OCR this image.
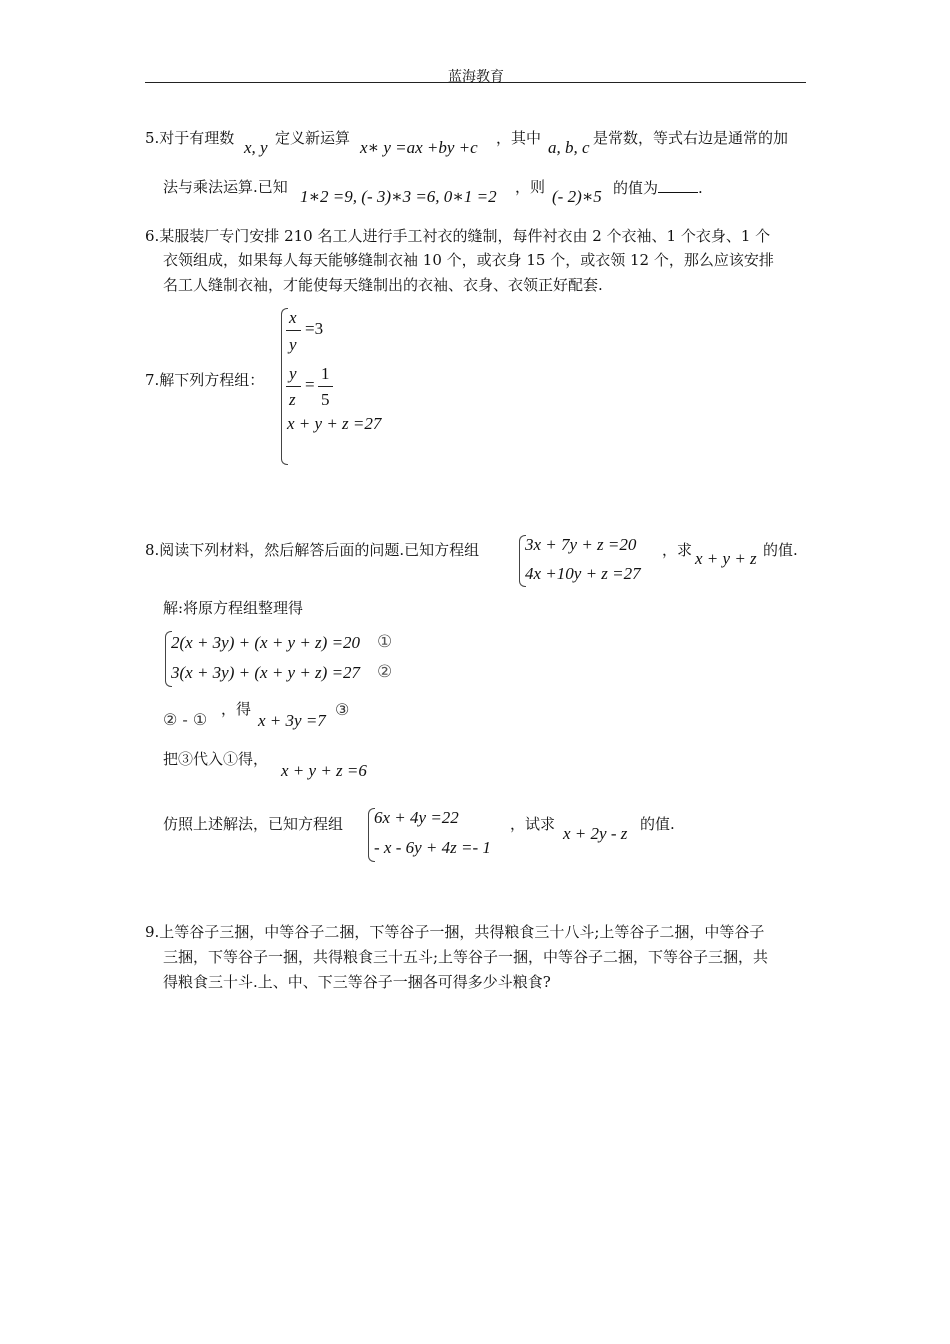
蓝海教育
5.对于有理数 x, y 定义新运算 x∗ y =ax +by +c ，其中 a, b, c 是常数，等式右边是通常的加
法与乘法运算.已知 1∗2 =9, (- 3)∗3 =6, 0∗1 =2 ，则 (- 2)∗5 的值为	.
6.某服装厂专门安排 210 名工人进行手工衬衣的缝制，每件衬衣由 2 个衣袖、1 个衣身、1 个
衣领组成，如果每人每天能够缝制衣袖 10 个，或衣身 15 个，或衣领 12 个，那么应该安排
名工人缝制衣袖，才能使每天缝制出的衣袖、衣身、衣领正好配套.
7.解下列方程组：
x
y
=3
y
z
=
1
5
x + y + z =27
8.阅读下列材料，然后解答后面的问题.已知方程组	3x + 7y + z =20
4x +10y + z =27
，求 x + y + z 的值.
解:将原方程组整理得
2(x + 3y) + (x + y + z) =20 ①
3(x + 3y) + (x + y + z) =27 ②
② - ①
，得
x + 3y =7
③
把③代入①得，
x + y + z =6
仿照上述解法，已知方程组 6x + 4y =22
- x - 6y + 4z =- 1
，试求 x + 2y - z 的值.
9.上等谷子三捆，中等谷子二捆，下等谷子一捆，共得粮食三十八斗;上等谷子二捆，中等谷子
三捆，下等谷子一捆，共得粮食三十五斗;上等谷子一捆，中等谷子二捆，下等谷子三捆，共
得粮食三十斗.上、中、下三等谷子一捆各可得多少斗粮食?
